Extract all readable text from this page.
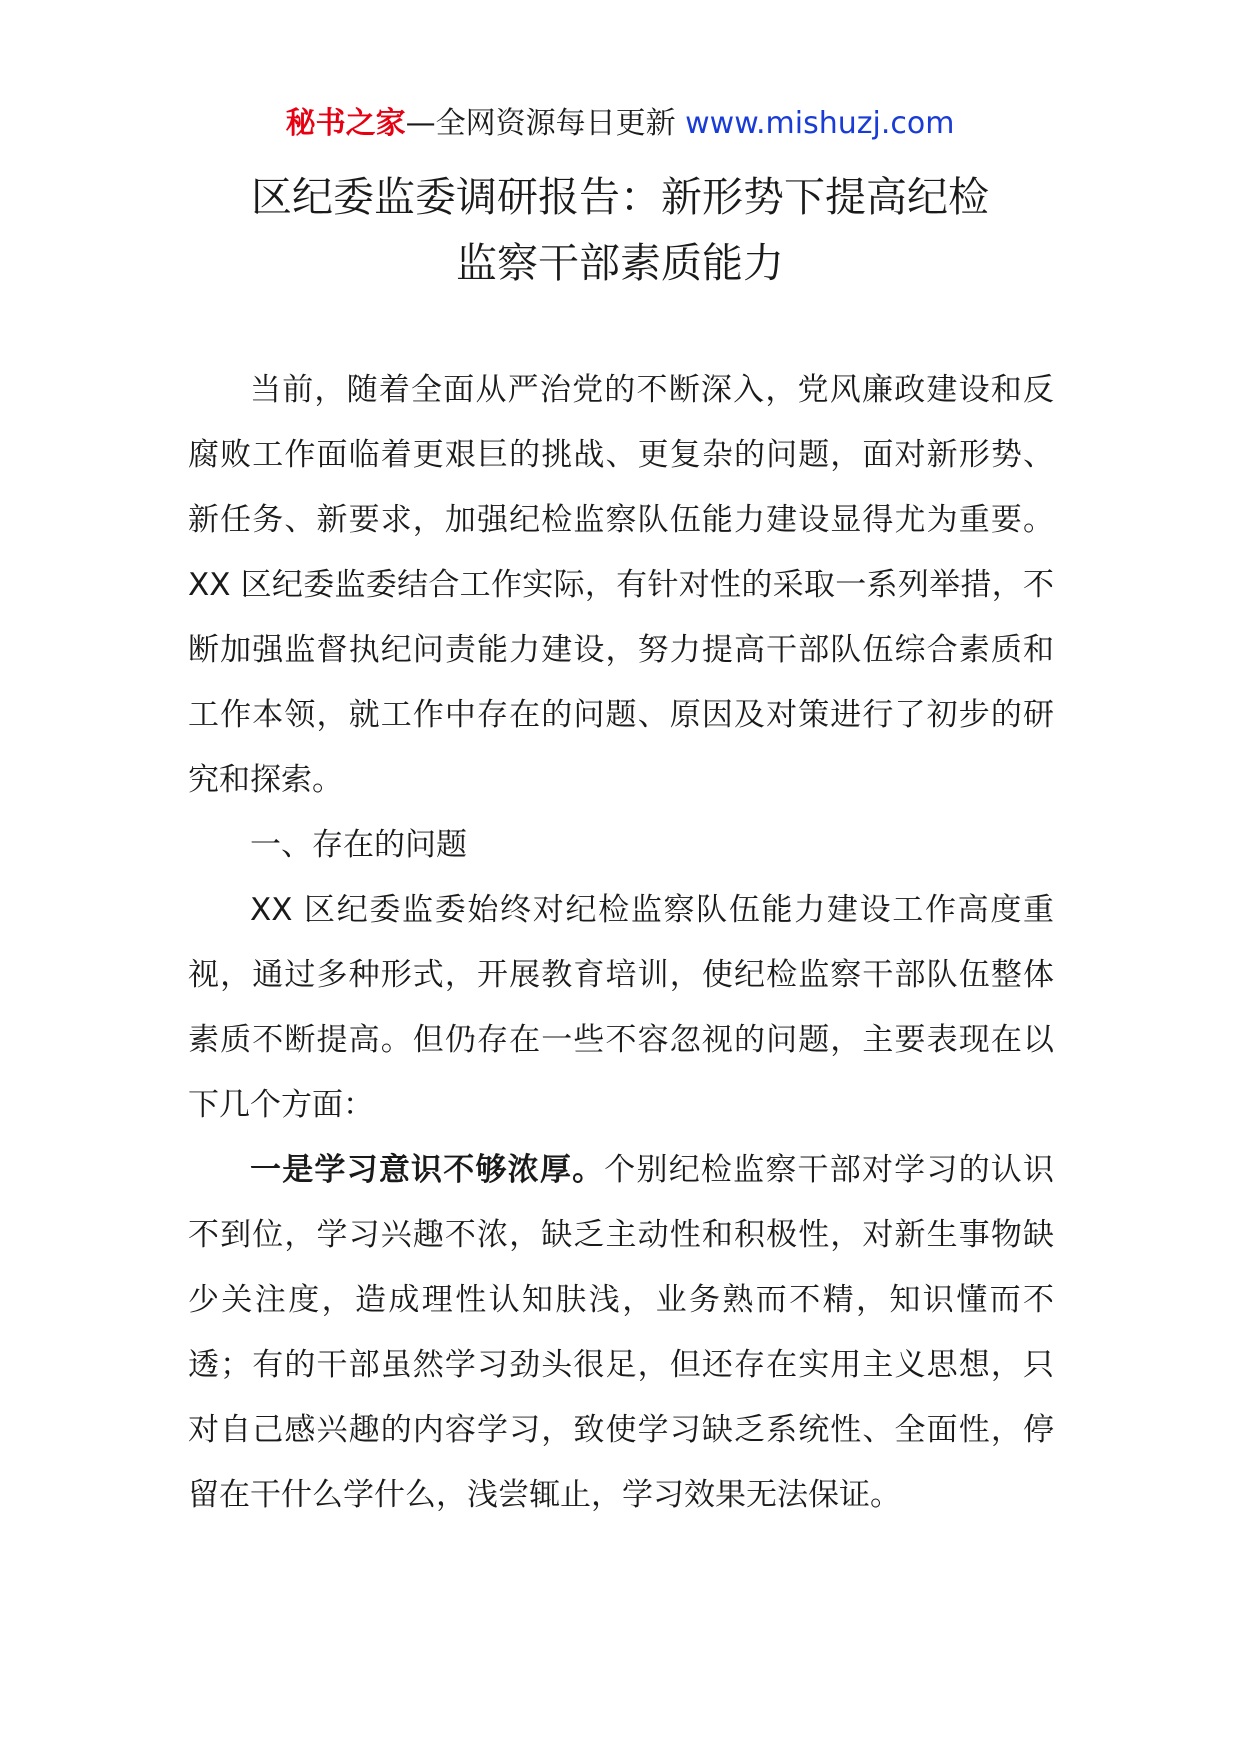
秘书之家—全网资源每日更新 www.mishuzj.com
区纪委监委调研报告：新形势下提高纪检
监察干部素质能力

当前，随着全面从严治党的不断深入，党风廉政建设和反腐败工作面临着更艰巨的挑战、更复杂的问题，面对新形势、新任务、新要求，加强纪检监察队伍能力建设显得尤为重要。XX 区纪委监委结合工作实际，有针对性的采取一系列举措，不断加强监督执纪问责能力建设，努力提高干部队伍综合素质和工作本领，就工作中存在的问题、原因及对策进行了初步的研究和探索。

一、存在的问题

XX 区纪委监委始终对纪检监察队伍能力建设工作高度重视，通过多种形式，开展教育培训，使纪检监察干部队伍整体素质不断提高。但仍存在一些不容忽视的问题，主要表现在以下几个方面：

一是学习意识不够浓厚。个别纪检监察干部对学习的认识不到位，学习兴趣不浓，缺乏主动性和积极性，对新生事物缺少关注度，造成理性认知肤浅，业务熟而不精，知识懂而不透；有的干部虽然学习劲头很足，但还存在实用主义思想，只对自己感兴趣的内容学习，致使学习缺乏系统性、全面性，停留在干什么学什么，浅尝辄止，学习效果无法保证。
